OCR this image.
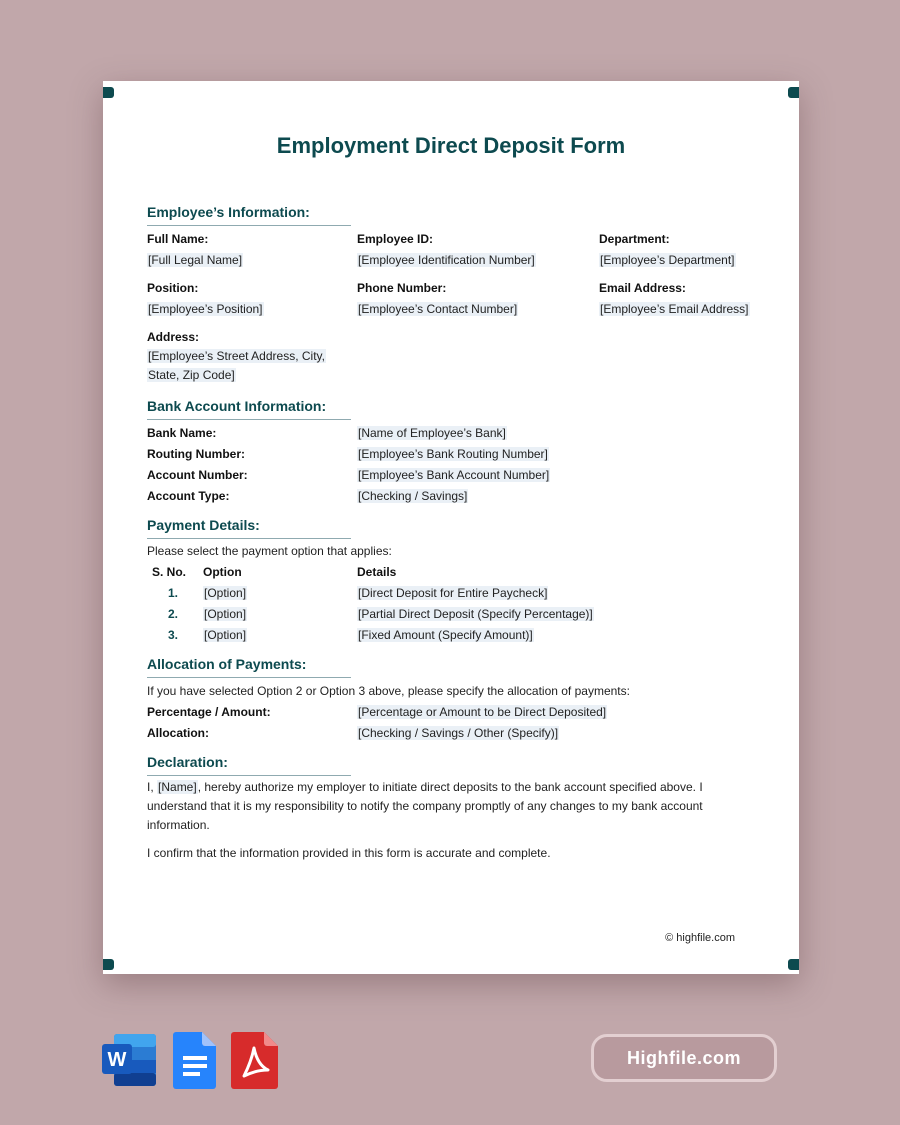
Employment Direct Deposit Form
Employee’s Information:
Full Name:
[Full Legal Name]
Employee ID:
[Employee Identification Number]
Department:
[Employee’s Department]
Position:
[Employee’s Position]
Phone Number:
[Employee’s Contact Number]
Email Address:
[Employee’s Email Address]
Address:
[Employee’s Street Address, City,
State, Zip Code]
Bank Account Information:
Bank Name:	[Name of Employee’s Bank]
Routing Number:	[Employee’s Bank Routing Number]
Account Number:	[Employee’s Bank Account Number]
Account Type:	[Checking / Savings]
Payment Details:
Please select the payment option that applies:
S. No. Option	Details
1. [Option]	[Direct Deposit for Entire Paycheck]
2. [Option]	[Partial Direct Deposit (Specify Percentage)]
3. [Option]	[Fixed Amount (Specify Amount)]
Allocation of Payments:
If you have selected Option 2 or Option 3 above, please specify the allocation of payments:
Percentage / Amount:	[Percentage or Amount to be Direct Deposited]
Allocation:	[Checking / Savings / Other (Specify)]
Declaration:

I, [Name], hereby authorize my employer to initiate direct deposits to the bank account specified above. I
understand that it is my responsibility to notify the company promptly of any changes to my bank account
information.

I confirm that the information provided in this form is accurate and complete.

© highfile.com
W	Highfile.com
